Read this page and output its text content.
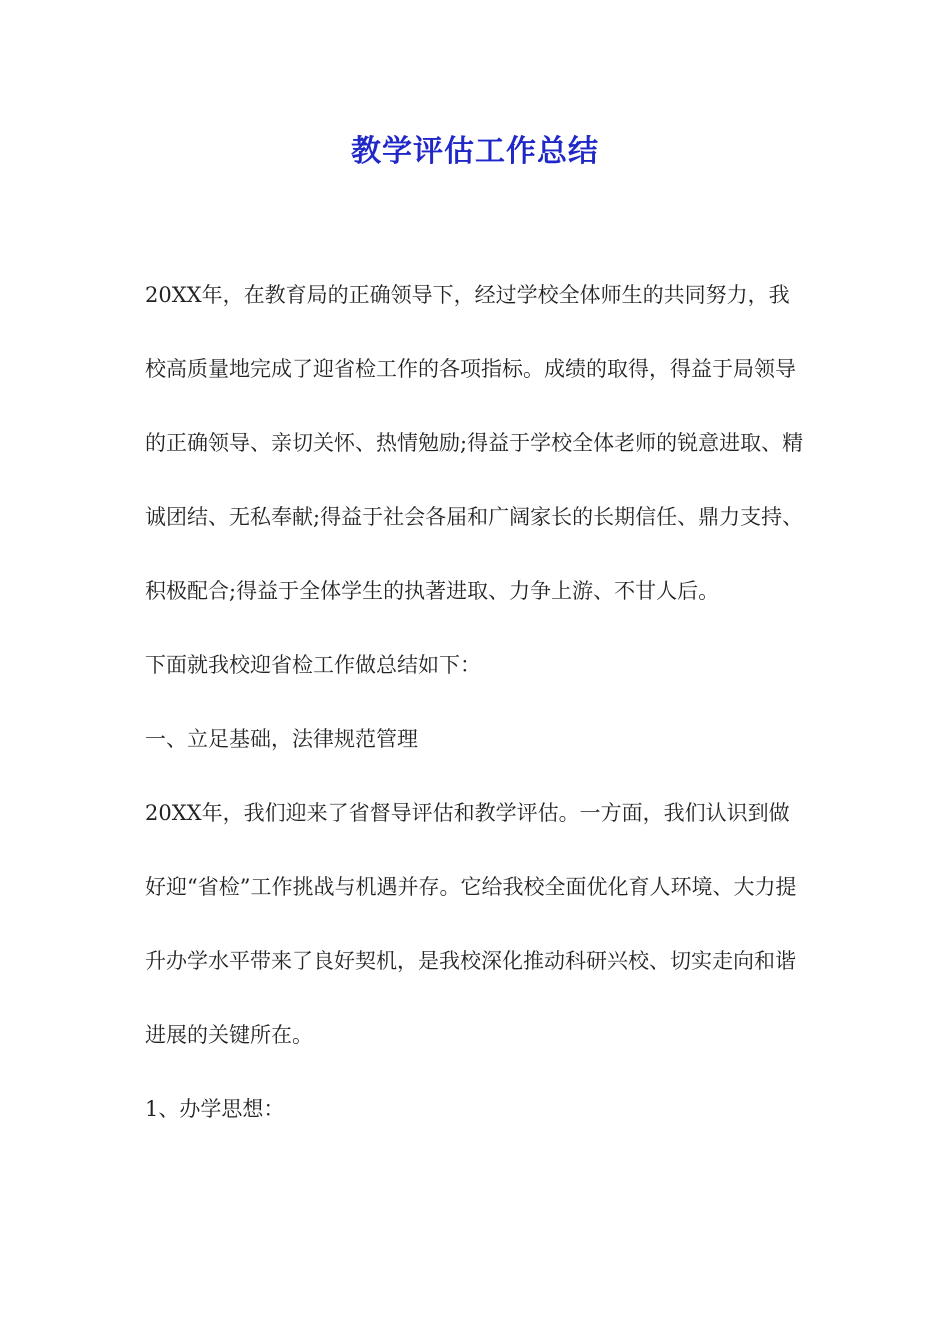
教学评估工作总结

20XX年，在教育局的正确领导下，经过学校全体师生的共同努力，我校高质量地完成了迎省检工作的各项指标。成绩的取得，得益于局领导的正确领导、亲切关怀、热情勉励;得益于学校全体老师的锐意进取、精诚团结、无私奉献;得益于社会各届和广阔家长的长期信任、鼎力支持、积极配合;得益于全体学生的执著进取、力争上游、不甘人后。

下面就我校迎省检工作做总结如下：

一、立足基础，法律规范管理

20XX年，我们迎来了省督导评估和教学评估。一方面，我们认识到做好迎“省检”工作挑战与机遇并存。它给我校全面优化育人环境、大力提升办学水平带来了良好契机，是我校深化推动科研兴校、切实走向和谐进展的关键所在。

1、办学思想：
